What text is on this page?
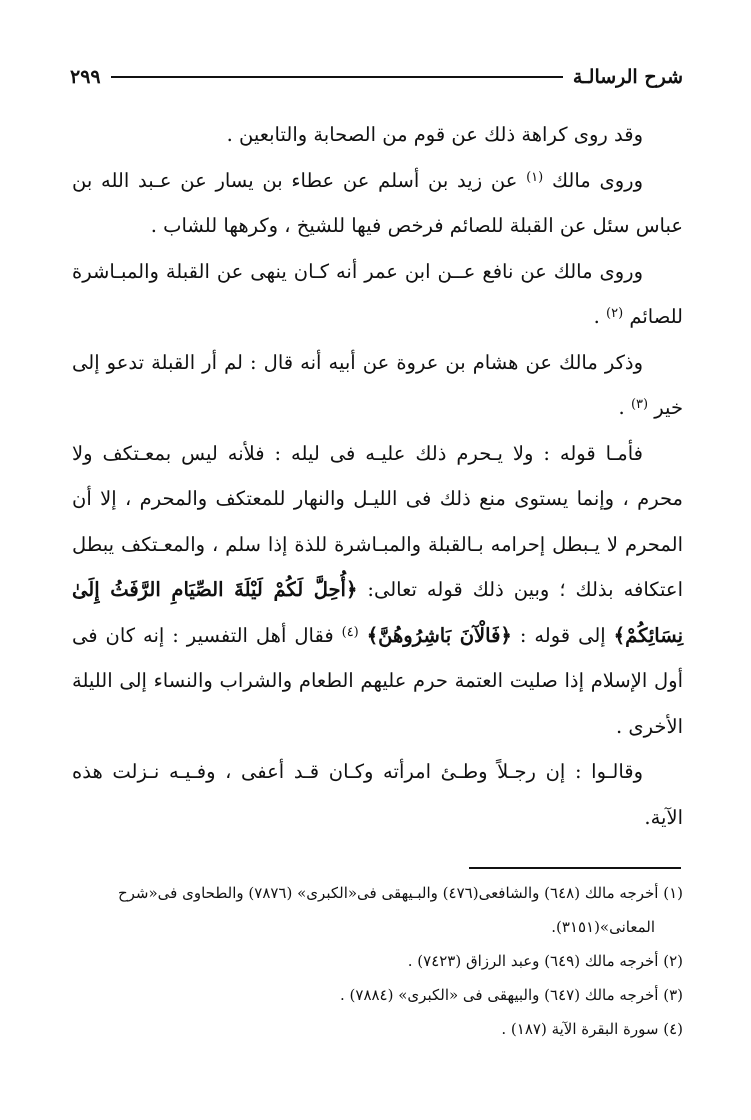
شرح الرسالـة
٢٩٩

وقد روى كراهة ذلك عن قوم من الصحابة والتابعين .

وروى مالك $^{(١)}$ عن زيد بن أسلم عن عطاء بن يسار عن عـبد الله بن عباس سئل عن القبلة للصائم فرخص فيها للشيخ ، وكرهها للشاب .

وروى مالك عن نافع عــن ابن عمر أنه كـان ينهى عن القبلة والمبـاشرة للصائم $^{(٢)}$ .

وذكر مالك عن هشام بن عروة عن أبيه أنه قال : لم أر القبلة تدعو إلى خير $^{(٣)}$ .

فأمـا قوله : ولا يـحرم ذلك عليـه فى ليله : فلأنه ليس بمعـتكف ولا محرم ، وإنما يستوى منع ذلك فى الليـل والنهار للمعتكف والمحرم ، إلا أن المحرم لا يـبطل إحرامه بـالقبلة والمبـاشرة للذة إذا سلم ، والمعـتكف يبطل اعتكافه بذلك ؛ وبين ذلك قوله تعالى: ﴿أُحِلَّ لَكُمْ لَيْلَةَ الصِّيَامِ الرَّفَثُ إِلَىٰ نِسَائِكُمْ﴾ إلى قوله : ﴿فَالْآنَ بَاشِرُوهُنَّ﴾ $^{(٤)}$ فقال أهل التفسير : إنه كان فى أول الإسلام إذا صليت العتمة حرم عليهم الطعام والشراب والنساء إلى الليلة الأخرى .

وقالـوا : إن رجـلاً وطـئ امرأته وكـان قـد أعفى ، وفـيـه نـزلت هذه الآية.

(١) أخرجه مالك (٦٤٨) والشافعى(٤٧٦) والبـيهقى فى«الكبرى» (٧٨٧٦) والطحاوى فى«شرح

المعانى»(٣١٥١).

(٢) أخرجه مالك (٦٤٩) وعبد الرزاق (٧٤٢٣) .

(٣) أخرجه مالك (٦٤٧) والبيهقى فى «الكبرى» (٧٨٨٤) .

(٤) سورة البقرة الآية (١٨٧) .
